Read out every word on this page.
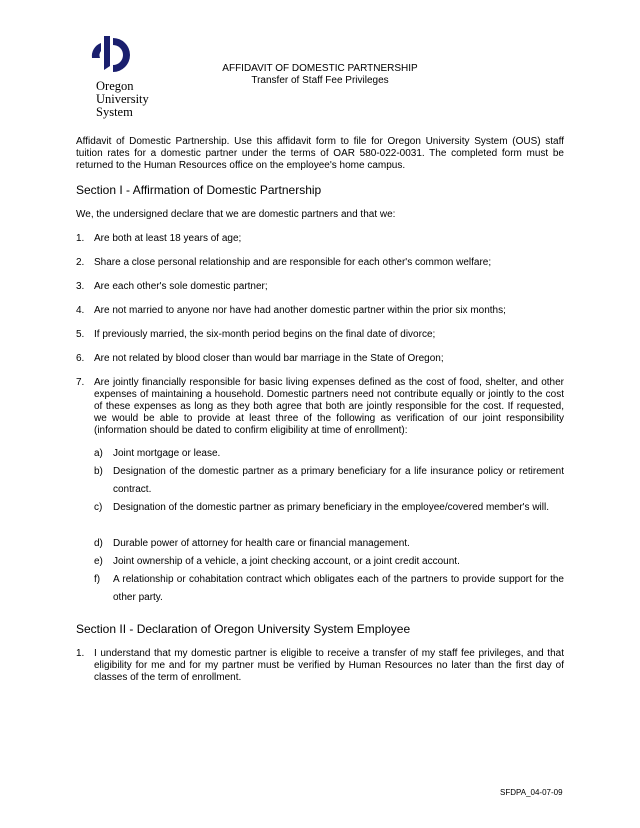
Oregon
University
System
AFFIDAVIT OF DOMESTIC PARTNERSHIP
Transfer of Staff Fee Privileges
Affidavit of Domestic Partnership. Use this affidavit form to file for Oregon University System (OUS) staff tuition rates for a domestic partner under the terms of OAR 580-022-0031. The completed form must be returned to the Human Resources office on the employee's home campus.
Section I - Affirmation of Domestic Partnership
We, the undersigned declare that we are domestic partners and that we:
1. Are both at least 18 years of age;
2. Share a close personal relationship and are responsible for each other's common welfare;
3. Are each other's sole domestic partner;
4. Are not married to anyone nor have had another domestic partner within the prior six months;
5. If previously married, the six-month period begins on the final date of divorce;
6. Are not related by blood closer than would bar marriage in the State of Oregon;
7. Are jointly financially responsible for basic living expenses defined as the cost of food, shelter, and other expenses of maintaining a household. Domestic partners need not contribute equally or jointly to the cost of these expenses as long as they both agree that both are jointly responsible for the cost. If requested, we would be able to provide at least three of the following as verification of our joint responsibility (information should be dated to confirm eligibility at time of enrollment):
a) Joint mortgage or lease.
b) Designation of the domestic partner as a primary beneficiary for a life insurance policy or retirement contract.
c) Designation of the domestic partner as primary beneficiary in the employee/covered member's will.
d) Durable power of attorney for health care or financial management.
e) Joint ownership of a vehicle, a joint checking account, or a joint credit account.
f) A relationship or cohabitation contract which obligates each of the partners to provide support for the other party.
Section II - Declaration of Oregon University System Employee
1. I understand that my domestic partner is eligible to receive a transfer of my staff fee privileges, and that eligibility for me and for my partner must be verified by Human Resources no later than the first day of classes of the term of enrollment.
SFDPA_04-07-09
